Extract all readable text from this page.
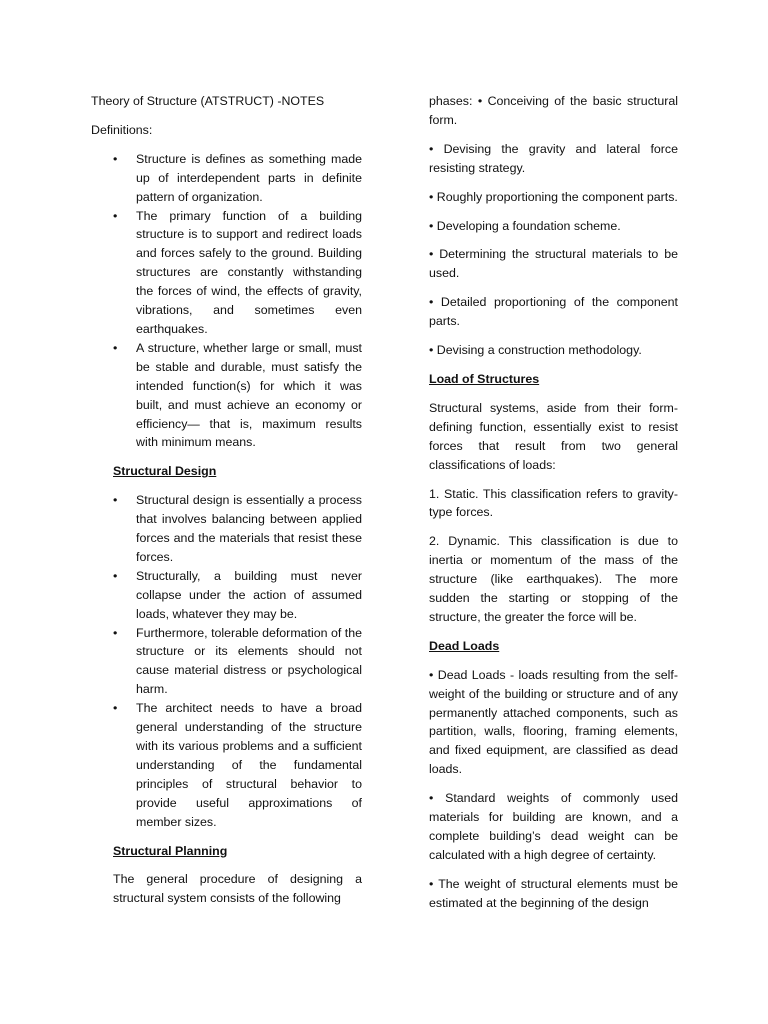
Theory of Structure (ATSTRUCT) -NOTES

Definitions:

• Structure is defines as something made up of interdependent parts in definite pattern of organization.
• The primary function of a building structure is to support and redirect loads and forces safely to the ground. Building structures are constantly withstanding the forces of wind, the effects of gravity, vibrations, and sometimes even earthquakes.
• A structure, whether large or small, must be stable and durable, must satisfy the intended function(s) for which it was built, and must achieve an economy or efficiency— that is, maximum results with minimum means.

Structural Design

• Structural design is essentially a process that involves balancing between applied forces and the materials that resist these forces.
• Structurally, a building must never collapse under the action of assumed loads, whatever they may be.
• Furthermore, tolerable deformation of the structure or its elements should not cause material distress or psychological harm.
• The architect needs to have a broad general understanding of the structure with its various problems and a sufficient understanding of the fundamental principles of structural behavior to provide useful approximations of member sizes.

Structural Planning

The general procedure of designing a structural system consists of the following

phases: • Conceiving of the basic structural form.

• Devising the gravity and lateral force resisting strategy.

• Roughly proportioning the component parts.

• Developing a foundation scheme.

• Determining the structural materials to be used.

• Detailed proportioning of the component parts.

• Devising a construction methodology.

Load of Structures

Structural systems, aside from their form-defining function, essentially exist to resist forces that result from two general classifications of loads:

1. Static. This classification refers to gravity-type forces.

2. Dynamic. This classification is due to inertia or momentum of the mass of the structure (like earthquakes). The more sudden the starting or stopping of the structure, the greater the force will be.

Dead Loads

• Dead Loads - loads resulting from the self-weight of the building or structure and of any permanently attached components, such as partition, walls, flooring, framing elements, and fixed equipment, are classified as dead loads.

• Standard weights of commonly used materials for building are known, and a complete building’s dead weight can be calculated with a high degree of certainty.

• The weight of structural elements must be estimated at the beginning of the design
